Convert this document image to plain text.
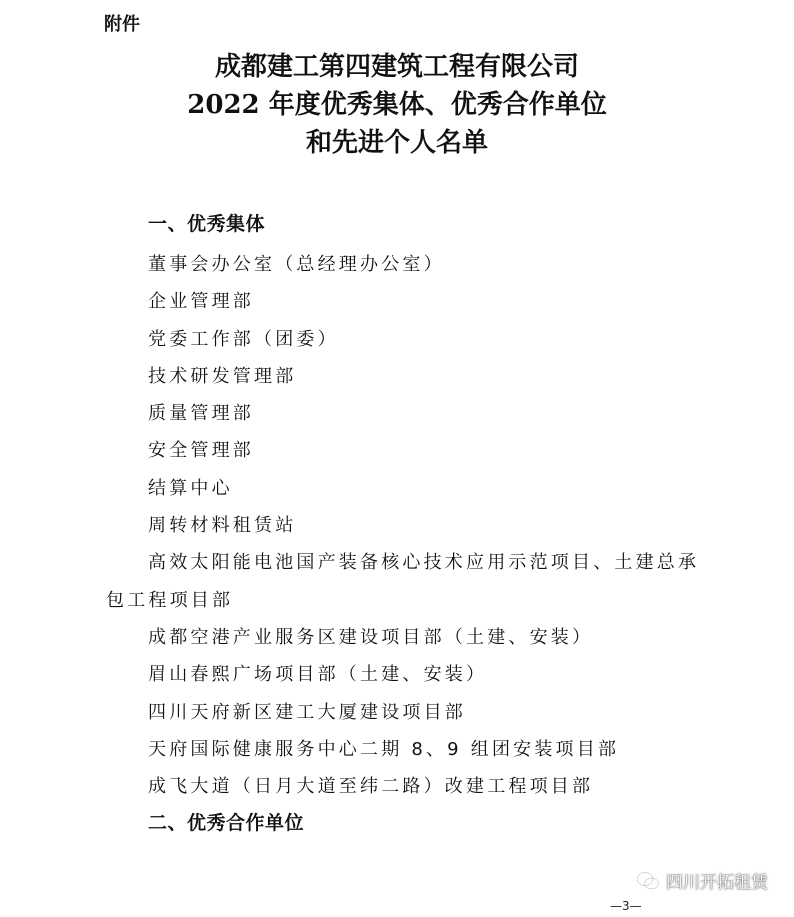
附件
成都建工第四建筑工程有限公司
2022 年度优秀集体、优秀合作单位
和先进个人名单
一、优秀集体
董事会办公室（总经理办公室）
企业管理部
党委工作部（团委）
技术研发管理部
质量管理部
安全管理部
结算中心
周转材料租赁站
高效太阳能电池国产装备核心技术应用示范项目、土建总承包工程项目部
成都空港产业服务区建设项目部（土建、安装）
眉山春熙广场项目部（土建、安装）
四川天府新区建工大厦建设项目部
天府国际健康服务中心二期 8、9 组团安装项目部
成飞大道（日月大道至纬二路）改建工程项目部
二、优秀合作单位
四川开拓租赁
—3—
